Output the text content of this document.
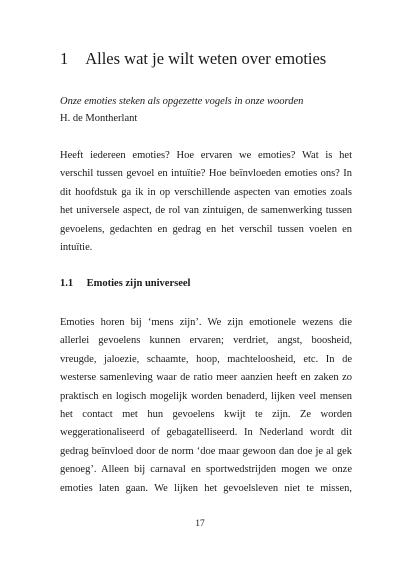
1 Alles wat je wilt weten over emoties
Onze emoties steken als opgezette vogels in onze woorden
H. de Montherlant
Heeft iedereen emoties? Hoe ervaren we emoties? Wat is het
verschil tussen gevoel en intuïtie? Hoe beïnvloeden emoties ons? In
dit hoofdstuk ga ik in op verschillende aspecten van emoties zoals
het universele aspect, de rol van zintuigen, de samenwerking tussen
gevoelens, gedachten en gedrag en het verschil tussen voelen en
intuïtie.
1.1 Emoties zijn universeel
Emoties horen bij ‘mens zijn’. We zijn emotionele wezens die
allerlei gevoelens kunnen ervaren; verdriet, angst, boosheid,
vreugde, jaloezie, schaamte, hoop, machteloosheid, etc. In de
westerse samenleving waar de ratio meer aanzien heeft en zaken zo
praktisch en logisch mogelijk worden benaderd, lijken veel mensen
het contact met hun gevoelens kwijt te zijn. Ze worden
weggerationaliseerd of gebagatelliseerd. In Nederland wordt dit
gedrag beïnvloed door de norm ‘doe maar gewoon dan doe je al gek
genoeg’. Alleen bij carnaval en sportwedstrijden mogen we onze
emoties laten gaan. We lijken het gevoelsleven niet te missen,
17
